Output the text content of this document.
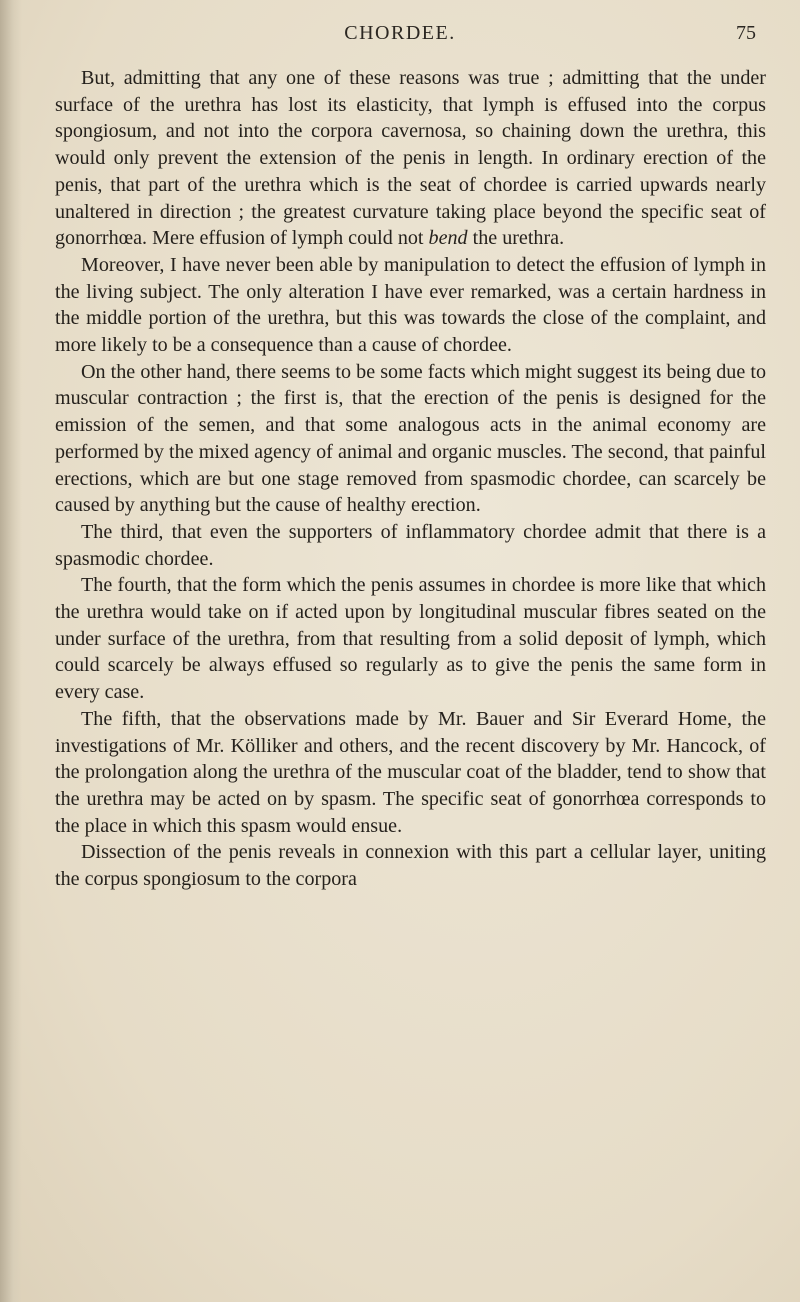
CHORDEE.	75

But, admitting that any one of these reasons was true ; admitting that the under surface of the urethra has lost its elasticity, that lymph is effused into the corpus spongiosum, and not into the corpora cavernosa, so chaining down the urethra, this would only prevent the extension of the penis in length. In ordinary erection of the penis, that part of the urethra which is the seat of chordee is carried upwards nearly unaltered in direction ; the greatest curvature taking place beyond the specific seat of gonorrhœa. Mere effusion of lymph could not bend the urethra.

Moreover, I have never been able by manipulation to detect the effusion of lymph in the living subject. The only alteration I have ever remarked, was a certain hardness in the middle portion of the urethra, but this was towards the close of the complaint, and more likely to be a consequence than a cause of chordee.

On the other hand, there seems to be some facts which might suggest its being due to muscular contraction ; the first is, that the erection of the penis is designed for the emission of the semen, and that some analogous acts in the animal economy are performed by the mixed agency of animal and organic muscles. The second, that painful erections, which are but one stage removed from spasmodic chordee, can scarcely be caused by anything but the cause of healthy erection.

The third, that even the supporters of inflammatory chordee admit that there is a spasmodic chordee.

The fourth, that the form which the penis assumes in chordee is more like that which the urethra would take on if acted upon by longitudinal muscular fibres seated on the under surface of the urethra, from that resulting from a solid deposit of lymph, which could scarcely be always effused so regularly as to give the penis the same form in every case.

The fifth, that the observations made by Mr. Bauer and Sir Everard Home, the investigations of Mr. Kölliker and others, and the recent discovery by Mr. Hancock, of the prolongation along the urethra of the muscular coat of the bladder, tend to show that the urethra may be acted on by spasm. The specific seat of gonorrhœa corresponds to the place in which this spasm would ensue.

Dissection of the penis reveals in connexion with this part a cellular layer, uniting the corpus spongiosum to the corpora
